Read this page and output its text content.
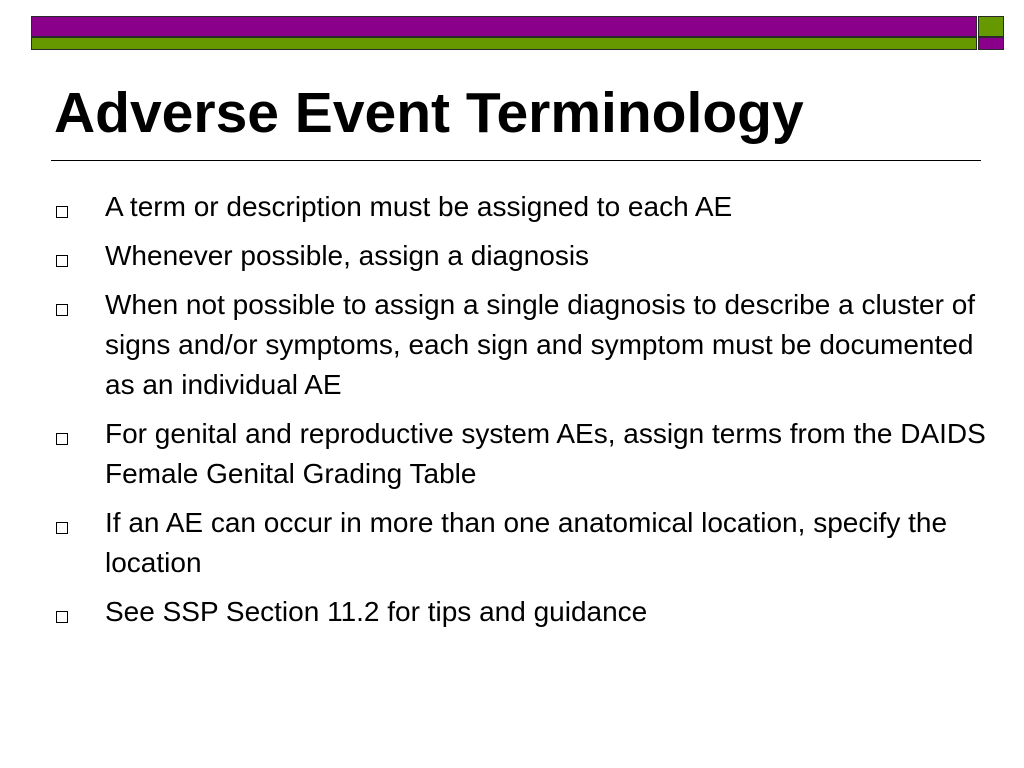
Adverse Event Terminology
A term or description must be assigned to each AE
Whenever possible, assign a diagnosis
When not possible to assign a single diagnosis to describe a cluster of signs and/or symptoms, each sign and symptom must be documented as an individual AE
For genital and reproductive system AEs, assign terms from the DAIDS Female Genital Grading Table
If an AE can occur in more than one anatomical location, specify the location
See SSP Section 11.2 for tips and guidance
